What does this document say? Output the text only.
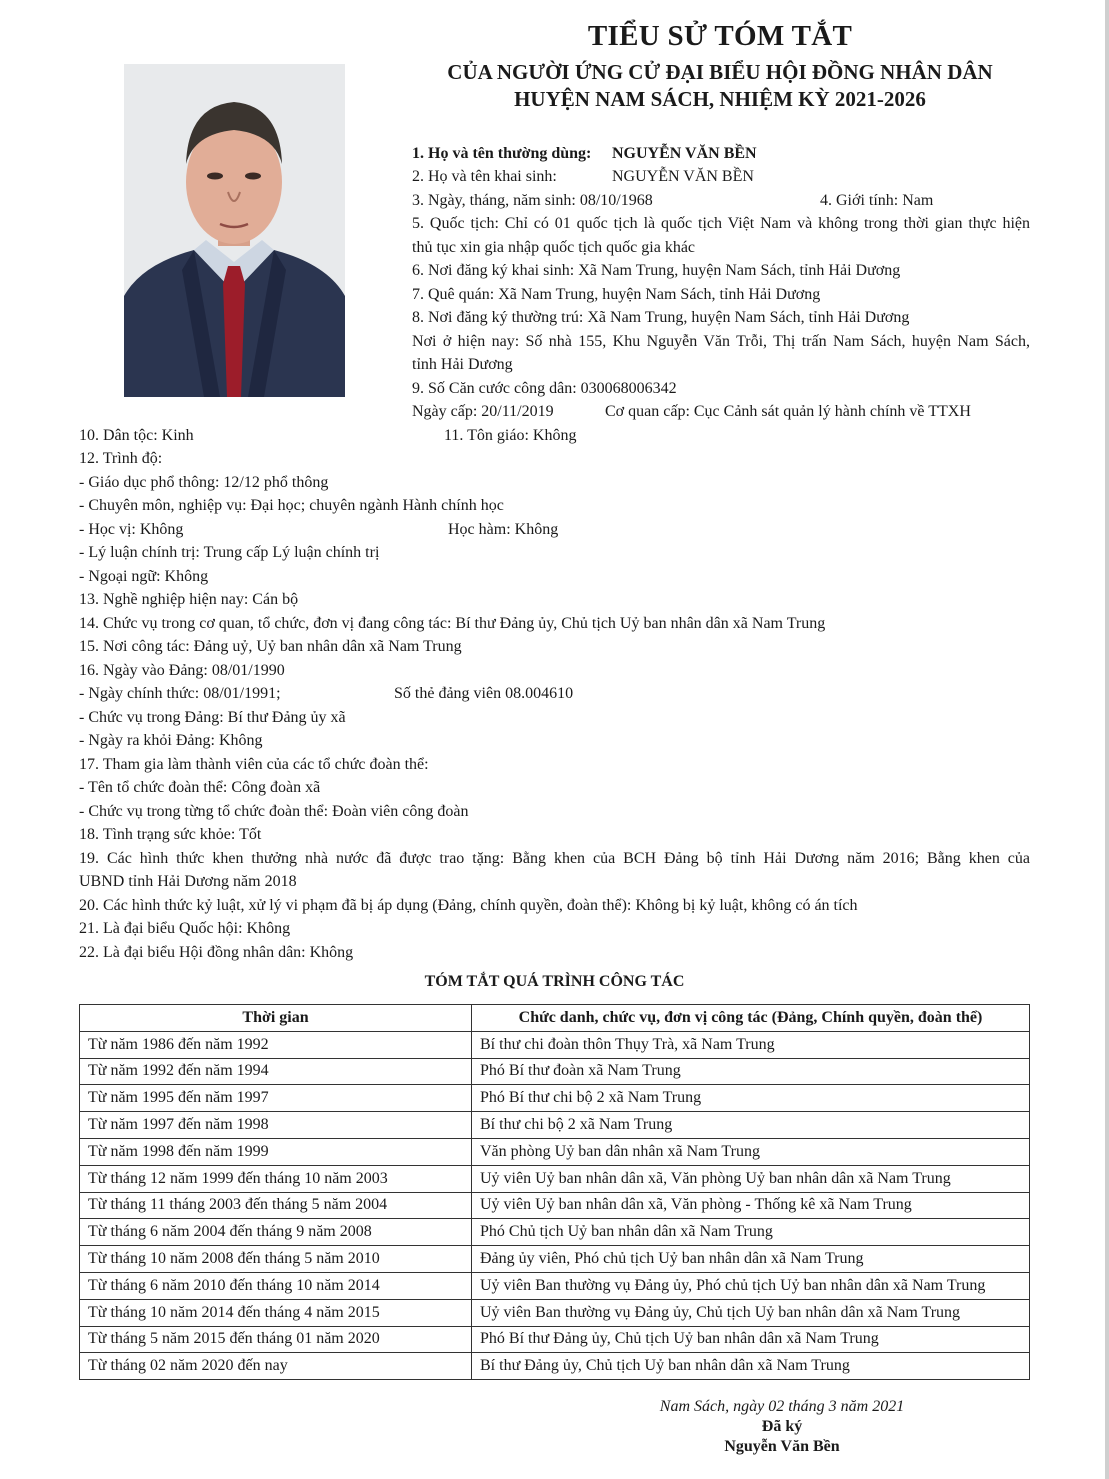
TIỂU SỬ TÓM TẮT
CỦA NGƯỜI ỨNG CỬ ĐẠI BIỂU HỘI ĐỒNG NHÂN DÂN
HUYỆN NAM SÁCH, NHIỆM KỲ 2021-2026
1. Họ và tên thường dùng: NGUYỄN VĂN BỀN
2. Họ và tên khai sinh:	NGUYỄN VĂN BỀN
3. Ngày, tháng, năm sinh: 08/10/1968	4. Giới tính: Nam
5. Quốc tịch: Chỉ có 01 quốc tịch là quốc tịch Việt Nam và không trong thời gian thực hiện
thủ tục xin gia nhập quốc tịch quốc gia khác
6. Nơi đăng ký khai sinh: Xã Nam Trung, huyện Nam Sách, tỉnh Hải Dương
7. Quê quán: Xã Nam Trung, huyện Nam Sách, tỉnh Hải Dương
8. Nơi đăng ký thường trú: Xã Nam Trung, huyện Nam Sách, tỉnh Hải Dương
Nơi ở hiện nay: Số nhà 155, Khu Nguyễn Văn Trỗi, Thị trấn Nam Sách, huyện Nam Sách,
tỉnh Hải Dương
9. Số Căn cước công dân: 030068006342
Ngày cấp: 20/11/2019	Cơ quan cấp: Cục Cảnh sát quản lý hành chính về TTXH
10. Dân tộc: Kinh	11. Tôn giáo: Không
12. Trình độ:
- Giáo dục phổ thông: 12/12 phổ thông
- Chuyên môn, nghiệp vụ: Đại học; chuyên ngành Hành chính học
- Học vị: Không	Học hàm: Không
- Lý luận chính trị: Trung cấp Lý luận chính trị
- Ngoại ngữ: Không
13. Nghề nghiệp hiện nay: Cán bộ
14. Chức vụ trong cơ quan, tổ chức, đơn vị đang công tác: Bí thư Đảng ủy, Chủ tịch Uỷ ban nhân dân xã Nam Trung
15. Nơi công tác: Đảng uỷ, Uỷ ban nhân dân xã Nam Trung
16. Ngày vào Đảng: 08/01/1990
- Ngày chính thức: 08/01/1991;	Số thẻ đảng viên 08.004610
- Chức vụ trong Đảng: Bí thư Đảng ủy xã
- Ngày ra khỏi Đảng: Không
17. Tham gia làm thành viên của các tổ chức đoàn thể:
- Tên tổ chức đoàn thể: Công đoàn xã
- Chức vụ trong từng tổ chức đoàn thể: Đoàn viên công đoàn
18. Tình trạng sức khỏe: Tốt
19. Các hình thức khen thưởng nhà nước đã được trao tặng: Bằng khen của BCH Đảng bộ tỉnh Hải Dương năm 2016; Bằng khen của
UBND tỉnh Hải Dương năm 2018
20. Các hình thức kỷ luật, xử lý vi phạm đã bị áp dụng (Đảng, chính quyền, đoàn thể): Không bị kỷ luật, không có án tích
21. Là đại biểu Quốc hội: Không
22. Là đại biểu Hội đồng nhân dân: Không
TÓM TẮT QUÁ TRÌNH CÔNG TÁC
Thời gian	Chức danh, chức vụ, đơn vị công tác (Đảng, Chính quyền, đoàn thể)
Từ năm 1986 đến năm 1992	Bí thư chi đoàn thôn Thụy Trà, xã Nam Trung
Từ năm 1992 đến năm 1994	Phó Bí thư đoàn xã Nam Trung
Từ năm 1995 đến năm 1997	Phó Bí thư chi bộ 2 xã Nam Trung
Từ năm 1997 đến năm 1998	Bí thư chi bộ 2 xã Nam Trung
Từ năm 1998 đến năm 1999	Văn phòng Uỷ ban dân nhân xã Nam Trung
Từ tháng 12 năm 1999 đến tháng 10 năm 2003	Uỷ viên Uỷ ban nhân dân xã, Văn phòng Uỷ ban nhân dân xã Nam Trung
Từ tháng 11 tháng 2003 đến tháng 5 năm 2004	Uỷ viên Uỷ ban nhân dân xã, Văn phòng - Thống kê xã Nam Trung
Từ tháng 6 năm 2004 đến tháng 9 năm 2008	Phó Chủ tịch Uỷ ban nhân dân xã Nam Trung
Từ tháng 10 năm 2008 đến tháng 5 năm 2010	Đảng ủy viên, Phó chủ tịch Uỷ ban nhân dân xã Nam Trung
Từ tháng 6 năm 2010 đến tháng 10 năm 2014	Uỷ viên Ban thường vụ Đảng ủy, Phó chủ tịch Uỷ ban nhân dân xã Nam Trung
Từ tháng 10 năm 2014 đến tháng 4 năm 2015	Uỷ viên Ban thường vụ Đảng ủy, Chủ tịch Uỷ ban nhân dân xã Nam Trung
Từ tháng 5 năm 2015 đến tháng 01 năm 2020	Phó Bí thư Đảng ủy, Chủ tịch Uỷ ban nhân dân xã Nam Trung
Từ tháng 02 năm 2020 đến nay	Bí thư Đảng ủy, Chủ tịch Uỷ ban nhân dân xã Nam Trung
Nam Sách, ngày 02 tháng 3 năm 2021
Đã ký
Nguyễn Văn Bền
